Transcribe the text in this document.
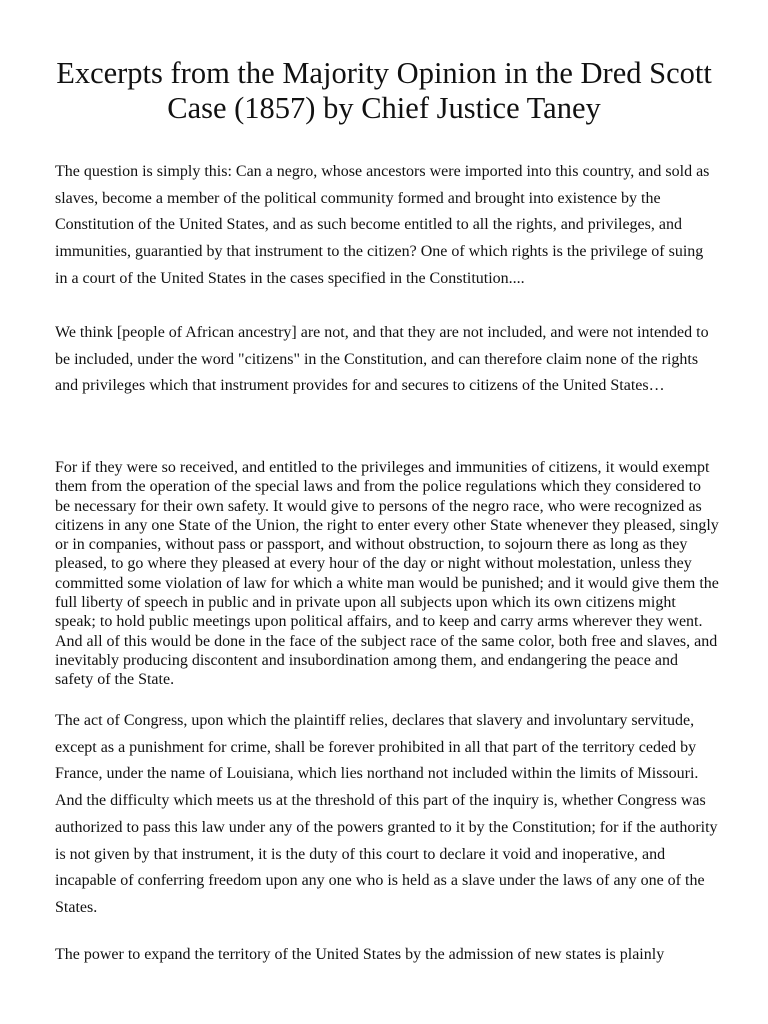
Excerpts from the Majority Opinion in the Dred Scott Case (1857) by Chief Justice Taney

The question is simply this: Can a negro, whose ancestors were imported into this country, and sold as slaves, become a member of the political community formed and brought into existence by the Constitution of the United States, and as such become entitled to all the rights, and privileges, and immunities, guarantied by that instrument to the citizen? One of which rights is the privilege of suing in a court of the United States in the cases specified in the Constitution....

We think [people of African ancestry] are not, and that they are not included, and were not intended to be included, under the word "citizens" in the Constitution, and can therefore claim none of the rights and privileges which that instrument provides for and secures to citizens of the United States…

For if they were so received, and entitled to the privileges and immunities of citizens, it would exempt them from the operation of the special laws and from the police regulations which they considered to be necessary for their own safety. It would give to persons of the negro race, who were recognized as citizens in any one State of the Union, the right to enter every other State whenever they pleased, singly or in companies, without pass or passport, and without obstruction, to sojourn there as long as they pleased, to go where they pleased at every hour of the day or night without molestation, unless they committed some violation of law for which a white man would be punished; and it would give them the full liberty of speech in public and in private upon all subjects upon which its own citizens might speak; to hold public meetings upon political affairs, and to keep and carry arms wherever they went. And all of this would be done in the face of the subject race of the same color, both free and slaves, and inevitably producing discontent and insubordination among them, and endangering the peace and safety of the State.

The act of Congress, upon which the plaintiff relies, declares that slavery and involuntary servitude, except as a punishment for crime, shall be forever prohibited in all that part of the territory ceded by France, under the name of Louisiana, which lies northand not included within the limits of Missouri. And the difficulty which meets us at the threshold of this part of the inquiry is, whether Congress was authorized to pass this law under any of the powers granted to it by the Constitution; for if the authority is not given by that instrument, it is the duty of this court to declare it void and inoperative, and incapable of conferring freedom upon any one who is held as a slave under the laws of any one of the States.

The power to expand the territory of the United States by the admission of new states is plainly
